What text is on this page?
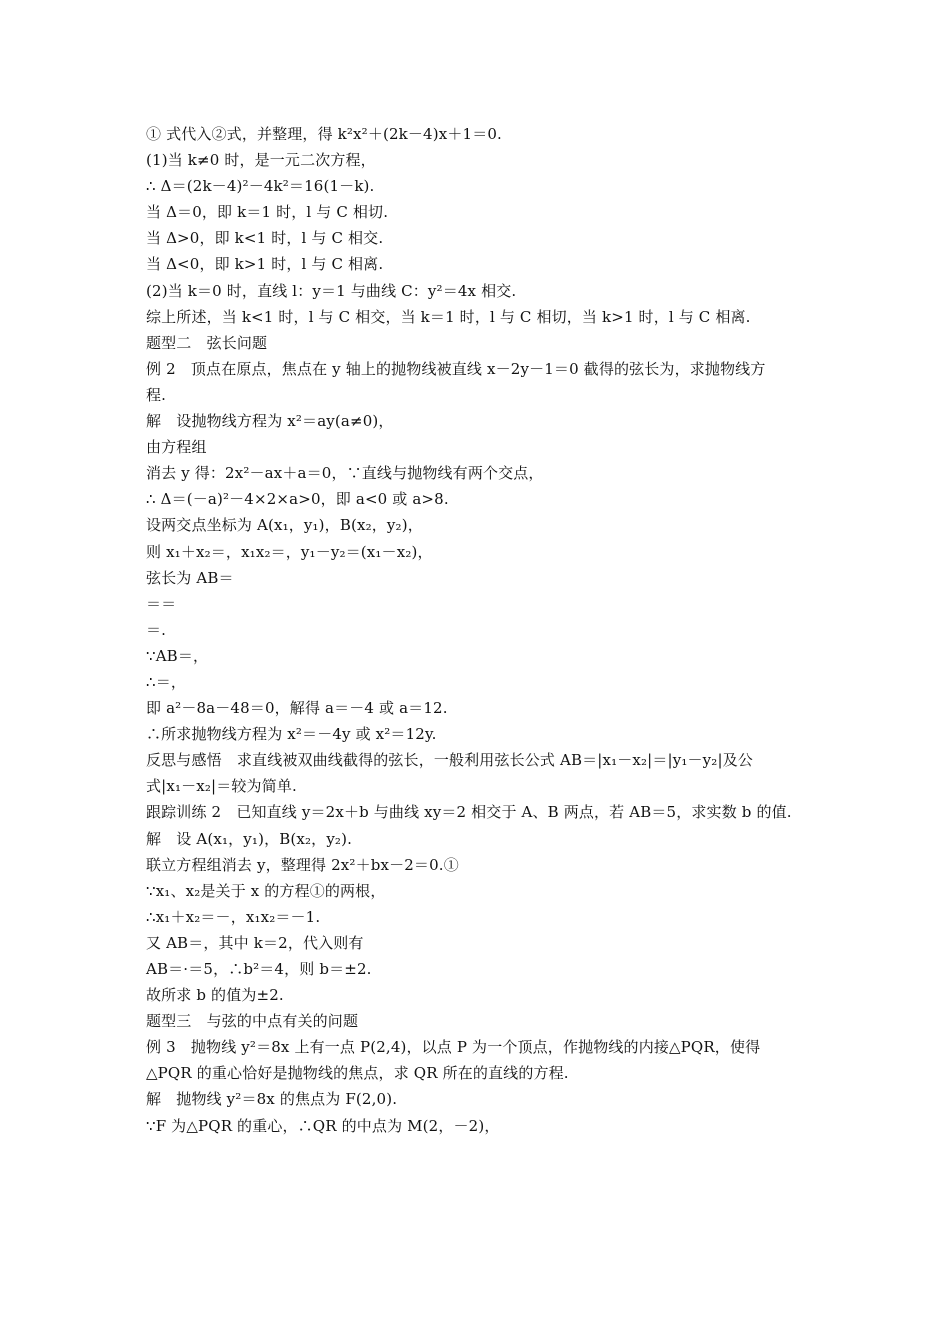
① 式代入②式，并整理，得 k²x²＋(2k－4)x＋1＝0.
(1)当 k≠0 时，是一元二次方程，
∴ Δ＝(2k－4)²－4k²＝16(1－k).
当 Δ＝0，即 k＝1 时，l 与 C 相切.
当 Δ>0，即 k<1 时，l 与 C 相交.
当 Δ<0，即 k>1 时，l 与 C 相离.
(2)当 k＝0 时，直线 l：y＝1 与曲线 C：y²＝4x 相交.
综上所述，当 k<1 时，l 与 C 相交，当 k＝1 时，l 与 C 相切，当 k>1 时，l 与 C 相离.
题型二　弦长问题
例 2　顶点在原点，焦点在 y 轴上的抛物线被直线 x－2y－1＝0 截得的弦长为，求抛物线方
程.
解　设抛物线方程为 x²＝ay(a≠0)，
由方程组
消去 y 得：2x²－ax＋a＝0，∵直线与抛物线有两个交点，
∴ Δ＝(－a)²－4×2×a>0，即 a<0 或 a>8.
设两交点坐标为 A(x₁，y₁)，B(x₂，y₂)，
则 x₁＋x₂＝，x₁x₂＝，y₁－y₂＝(x₁－x₂)，
弦长为 AB＝
＝＝
＝.
∵AB＝，
∴＝，
即 a²－8a－48＝0，解得 a＝－4 或 a＝12.
∴所求抛物线方程为 x²＝－4y 或 x²＝12y.
反思与感悟　求直线被双曲线截得的弦长，一般利用弦长公式 AB＝|x₁－x₂|＝|y₁－y₂|及公
式|x₁－x₂|＝较为简单.
跟踪训练 2　已知直线 y＝2x＋b 与曲线 xy＝2 相交于 A、B 两点，若 AB＝5，求实数 b 的值.
解　设 A(x₁，y₁)，B(x₂，y₂).
联立方程组消去 y，整理得 2x²＋bx－2＝0.①
∵x₁、x₂是关于 x 的方程①的两根，
∴x₁＋x₂＝－，x₁x₂＝－1.
又 AB＝，其中 k＝2，代入则有
AB＝·＝5，∴b²＝4，则 b＝±2.
故所求 b 的值为±2.
题型三　与弦的中点有关的问题
例 3　抛物线 y²＝8x 上有一点 P(2,4)，以点 P 为一个顶点，作抛物线的内接△PQR，使得
△PQR 的重心恰好是抛物线的焦点，求 QR 所在的直线的方程.
解　抛物线 y²＝8x 的焦点为 F(2,0).
∵F 为△PQR 的重心，∴QR 的中点为 M(2，－2)，
